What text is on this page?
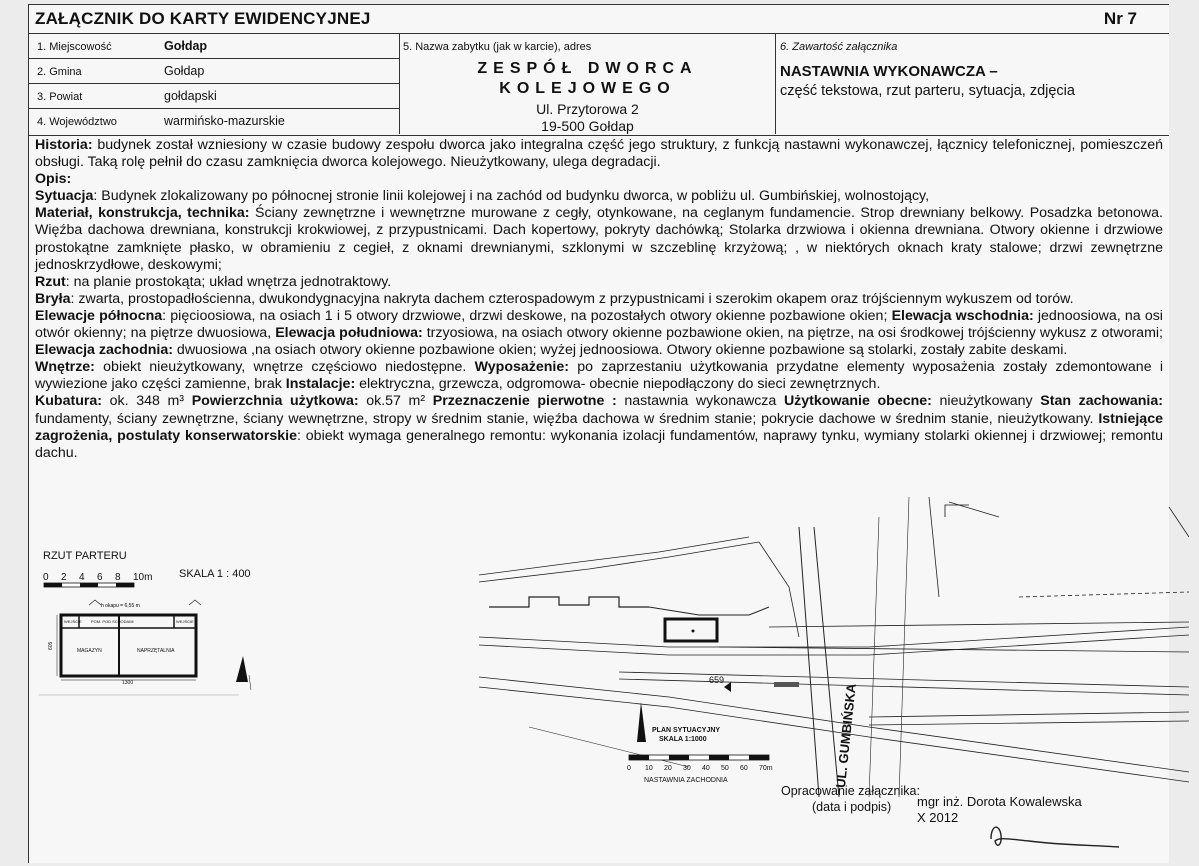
ZAŁĄCZNIK DO KARTY EWIDENCYJNEJ	Nr 7
1. Miejscowość	Gołdap
2. Gmina	Gołdap
3. Powiat	gołdapski
4. Województwo	warmińsko-mazurskie
5. Nazwa zabytku (jak w karcie), adres
ZESPÓŁ DWORCA
KOLEJOWEGO
Ul. Przytorowa 2
19-500 Gołdap
6. Zawartość załącznika
NASTAWNIA WYKONAWCZA –
część tekstowa, rzut parteru, sytuacja, zdjęcia

Historia: budynek został wzniesiony w czasie budowy zespołu dworca jako integralna część jego struktury, z funkcją nastawni wykonawczej, łącznicy telefonicznej, pomieszczeń obsługi. Taką rolę pełnił do czasu zamknięcia dworca kolejowego. Nieużytkowany, ulega degradacji.

Opis:

Sytuacja: Budynek zlokalizowany po północnej stronie linii kolejowej i na zachód od budynku dworca, w pobliżu ul. Gumbińskiej, wolnostojący,

Materiał, konstrukcja, technika: Ściany zewnętrzne i wewnętrzne murowane z cegły, otynkowane, na ceglanym fundamencie. Strop drewniany belkowy. Posadzka betonowa. Więźba dachowa drewniana, konstrukcji krokwiowej, z przypustnicami. Dach kopertowy, pokryty dachówką; Stolarka drzwiowa i okienna drewniana. Otwory okienne i drzwiowe prostokątne zamknięte płasko, w obramieniu z cegieł, z oknami drewnianymi, szklonymi w szczeblinę krzyżową; , w niektórych oknach kraty stalowe; drzwi zewnętrzne jednoskrzydłowe, deskowymi;

Rzut: na planie prostokąta; układ wnętrza jednotraktowy.

Bryła: zwarta, prostopadłościenna, dwukondygnacyjna nakryta dachem czterospadowym z przypustnicami i szerokim okapem oraz trójściennym wykuszem od torów.

Elewacje północna: pięcioosiowa, na osiach 1 i 5 otwory drzwiowe, drzwi deskowe, na pozostałych otwory okienne pozbawione okien; Elewacja wschodnia: jednoosiowa, na osi otwór okienny; na piętrze dwuosiowa, Elewacja południowa: trzyosiowa, na osiach otwory okienne pozbawione okien, na piętrze, na osi środkowej trójścienny wykusz z otworami; Elewacja zachodnia: dwuosiowa ,na osiach otwory okienne pozbawione okien; wyżej jednoosiowa. Otwory okienne pozbawione są stolarki, zostały zabite deskami.

Wnętrze: obiekt nieużytkowany, wnętrze częściowo niedostępne. Wyposażenie: po zaprzestaniu użytkowania przydatne elementy wyposażenia zostały zdemontowane i wywiezione jako części zamienne, brak Instalacje: elektryczna, grzewcza, odgromowa- obecnie niepodłączony do sieci zewnętrznych.

Kubatura: ok. 348 m³ Powierzchnia użytkowa: ok.57 m² Przeznaczenie pierwotne : nastawnia wykonawcza Użytkowanie obecne: nieużytkowany Stan zachowania: fundamenty, ściany zewnętrzne, ściany wewnętrzne, stropy w średnim stanie, więźba dachowa w średnim stanie; pokrycie dachowe w średnim stanie, nieużytkowany. Istniejące zagrożenia, postulaty konserwatorskie: obiekt wymaga generalnego remontu: wykonania izolacji fundamentów, naprawy tynku, wymiany stolarki okiennej i drzwiowej; remontu dachu.

RZUT PARTERU
SKALA 1 : 400
0 2 4 6 8 10m
h okapu = 6,55 m
WEJŚCIE POM. POD SCHODAMI	WEJŚCIE
MAGAZYN	NAPRZĘTALNIA
1300
605
0 10 20 30 40 50 60 70m
PLAN SYTUACYJNY
SKALA 1:1000
NASTAWNIA ZACHODNIA
659
UL. GUMBIŃSKA
Opracowanie załącznika:
(data i podpis) mgr inż. Dorota Kowalewska
X 2012
